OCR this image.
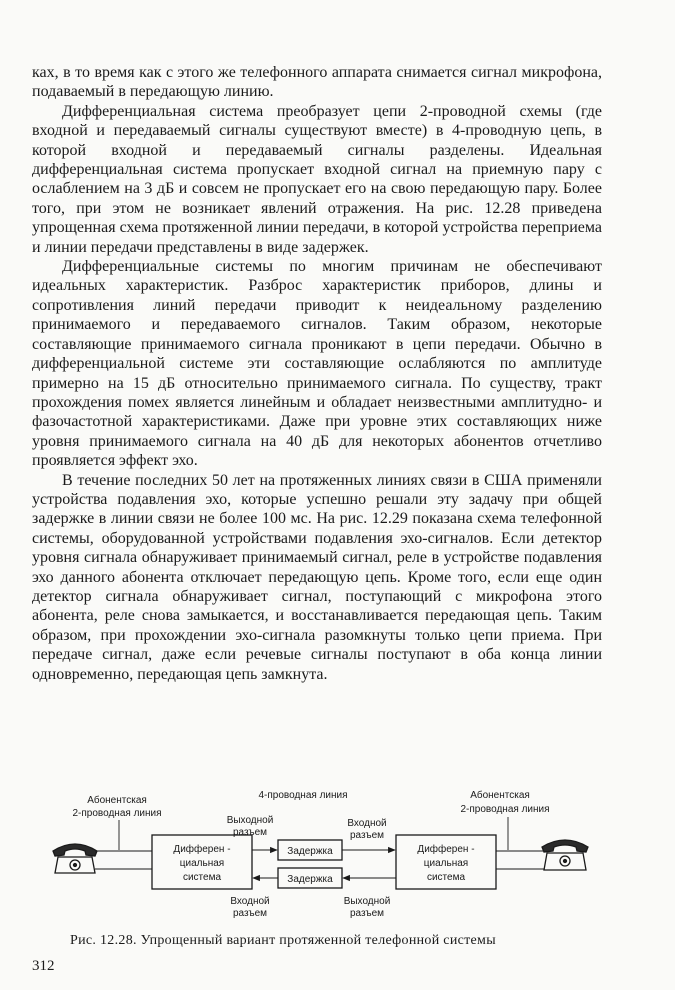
ках, в то время как с этого же телефонного аппарата снимается сигнал микрофона, подаваемый в передающую линию.

Дифференциальная система преобразует цепи 2-проводной схемы (где входной и передаваемый сигналы существуют вместе) в 4-проводную цепь, в которой входной и передаваемый сигналы разделены. Идеальная дифференциальная система пропускает входной сигнал на приемную пару с ослаблением на 3 дБ и совсем не пропускает его на свою передающую пару. Более того, при этом не возникает явлений отражения. На рис. 12.28 приведена упрощенная схема протяженной линии передачи, в которой устройства переприема и линии передачи представлены в виде задержек.

Дифференциальные системы по многим причинам не обеспечивают идеальных характеристик. Разброс характеристик приборов, длины и сопротивления линий передачи приводит к неидеальному разделению принимаемого и передаваемого сигналов. Таким образом, некоторые составляющие принимаемого сигнала проникают в цепи передачи. Обычно в дифференциальной системе эти составляющие ослабляются по амплитуде примерно на 15 дБ относительно принимаемого сигнала. По существу, тракт прохождения помех является линейным и обладает неизвестными амплитудно- и фазочастотной характеристиками. Даже при уровне этих составляющих ниже уровня принимаемого сигнала на 40 дБ для некоторых абонентов отчетливо проявляется эффект эхо.

В течение последних 50 лет на протяженных линиях связи в США применяли устройства подавления эхо, которые успешно решали эту задачу при общей задержке в линии связи не более 100 мс. На рис. 12.29 показана схема телефонной системы, оборудованной устройствами подавления эхо-сигналов. Если детектор уровня сигнала обнаруживает принимаемый сигнал, реле в устройстве подавления эхо данного абонента отключает передающую цепь. Кроме того, если еще один детектор сигнала обнаруживает сигнал, поступающий с микрофона этого абонента, реле снова замыкается, и восстанавливается передающая цепь. Таким образом, при прохождении эхо-сигнала разомкнуты только цепи приема. При передаче сигнал, даже если речевые сигналы поступают в оба конца линии одновременно, передающая цепь замкнута.

Абонентская
2-проводная линия
4-проводная линия	Абонентская
2-проводная линия
Дифферен -
циальная
система
Дифферен -
циальная
система
Задержка
Выходной
разъем
Входной
разъем
Задержка
Входной
разъем
Выходной
разъем
Рис. 12.28. Упрощенный вариант протяженной телефонной системы
312
